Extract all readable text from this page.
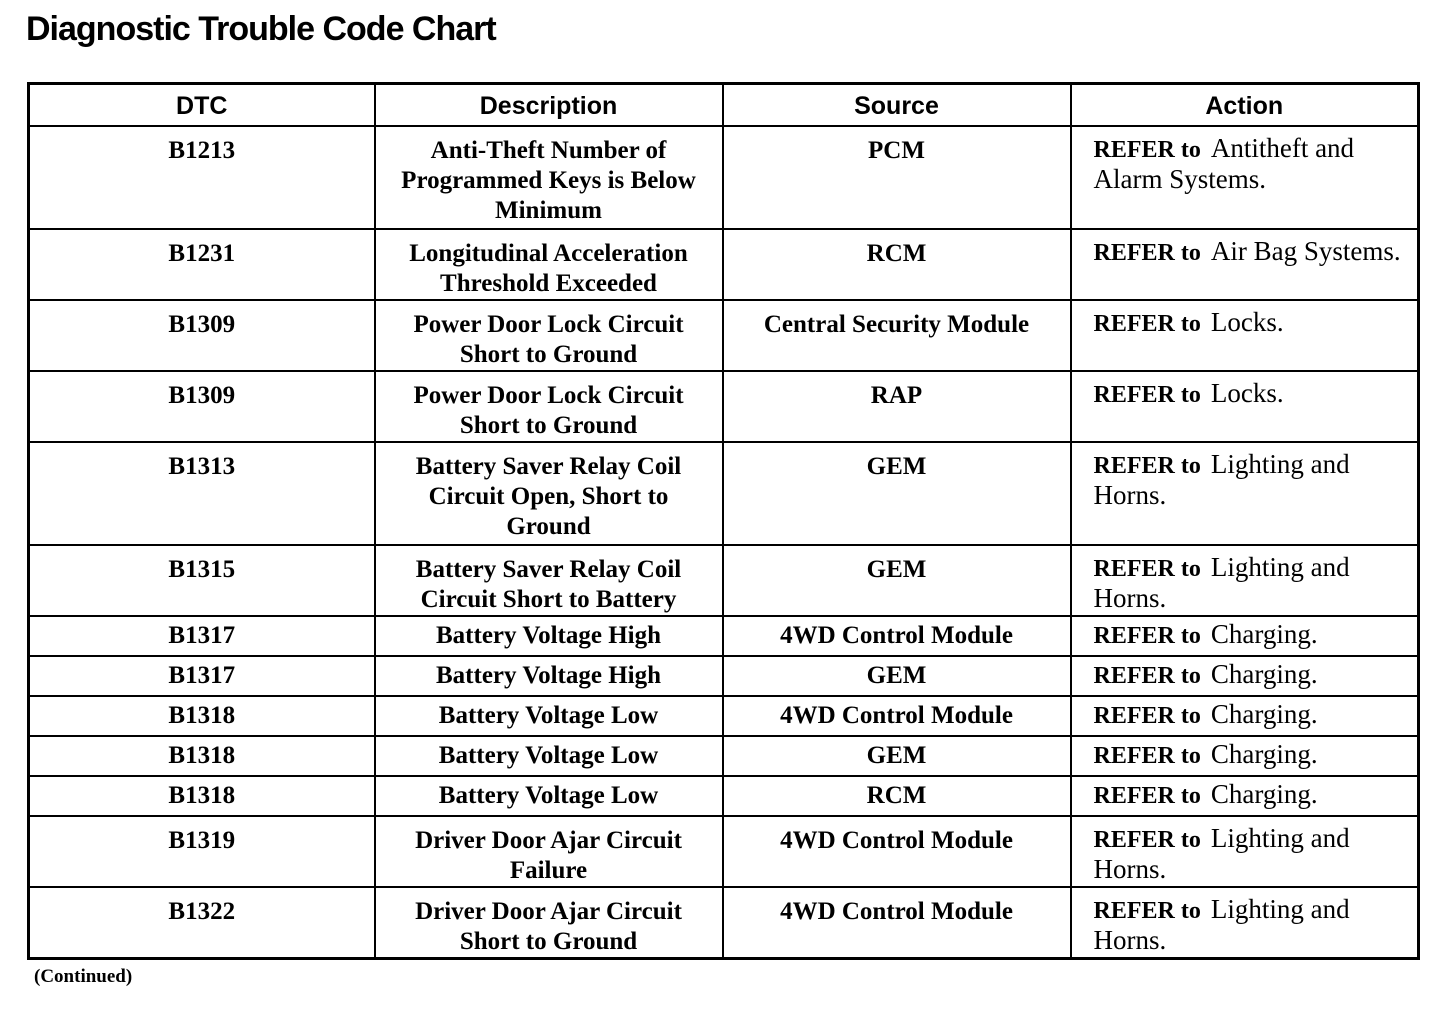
Diagnostic Trouble Code Chart
DTC	Description	Source	Action

B1213	Anti-Theft Number of Programmed Keys is Below Minimum	PCM	REFER to Antitheft and Alarm Systems.
B1231	Longitudinal Acceleration Threshold Exceeded	RCM	REFER to Air Bag Systems.
B1309	Power Door Lock Circuit Short to Ground	Central Security Module	REFER to Locks.
B1309	Power Door Lock Circuit Short to Ground	RAP	REFER to Locks.
B1313	Battery Saver Relay Coil Circuit Open, Short to Ground	GEM	REFER to Lighting and Horns.
B1315	Battery Saver Relay Coil Circuit Short to Battery	GEM	REFER to Lighting and Horns.
B1317	Battery Voltage High	4WD Control Module	REFER to Charging.
B1317	Battery Voltage High	GEM	REFER to Charging.
B1318	Battery Voltage Low	4WD Control Module	REFER to Charging.
B1318	Battery Voltage Low	GEM	REFER to Charging.
B1318	Battery Voltage Low	RCM	REFER to Charging.
B1319	Driver Door Ajar Circuit Failure	4WD Control Module	REFER to Lighting and Horns.
B1322	Driver Door Ajar Circuit Short to Ground	4WD Control Module	REFER to Lighting and Horns.
(Continued)
